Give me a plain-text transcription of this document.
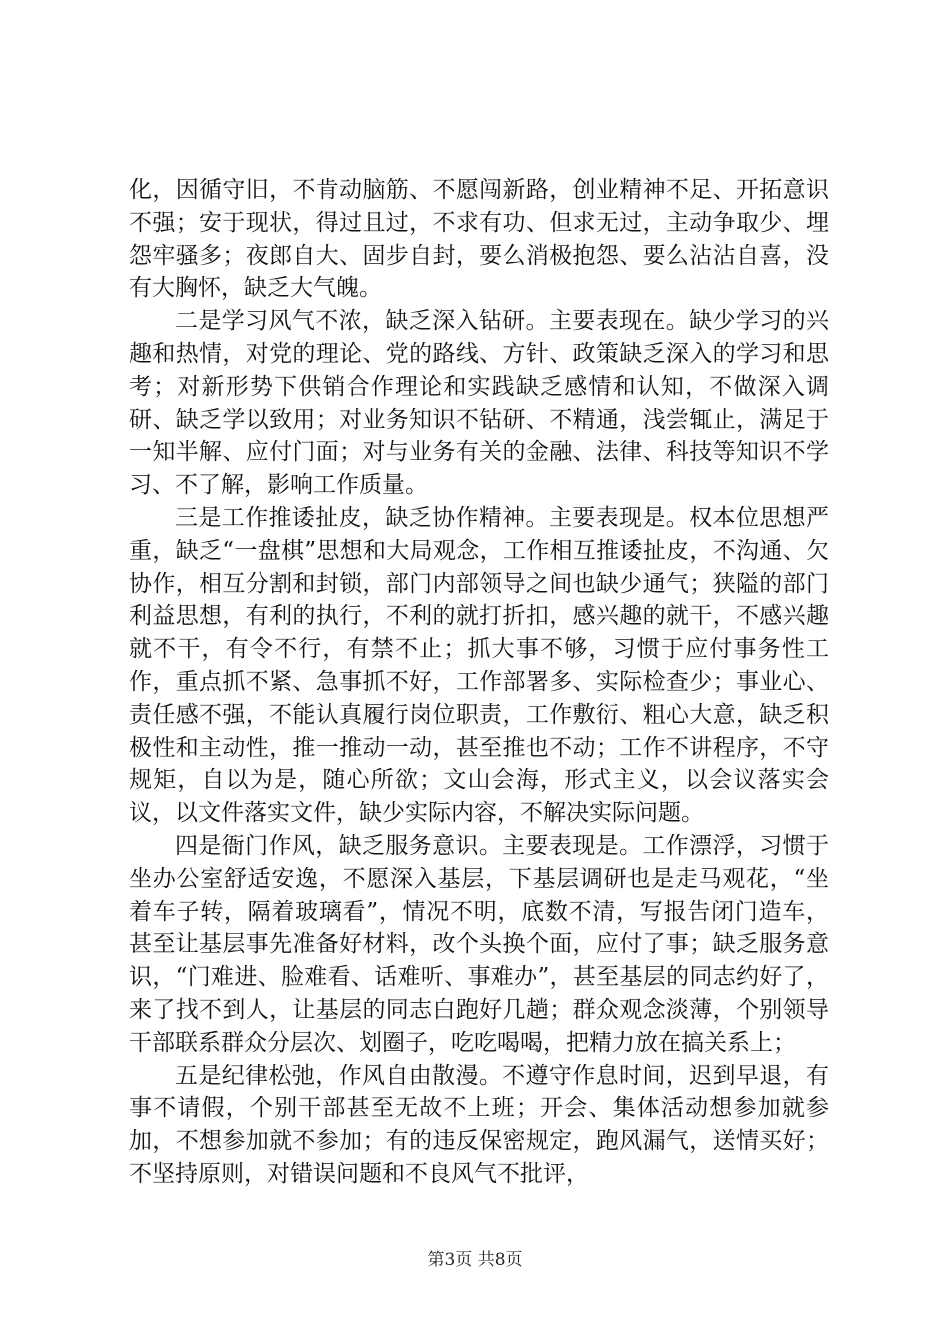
化，因循守旧，不肯动脑筋、不愿闯新路，创业精神不足、开拓意识不强；安于现状，得过且过，不求有功、但求无过，主动争取少、埋怨牢骚多；夜郎自大、固步自封，要么消极抱怨、要么沾沾自喜，没有大胸怀，缺乏大气魄。

二是学习风气不浓，缺乏深入钻研。主要表现在。缺少学习的兴趣和热情，对党的理论、党的路线、方针、政策缺乏深入的学习和思考；对新形势下供销合作理论和实践缺乏感情和认知，不做深入调研、缺乏学以致用；对业务知识不钻研、不精通，浅尝辄止，满足于一知半解、应付门面；对与业务有关的金融、法律、科技等知识不学习、不了解，影响工作质量。

三是工作推诿扯皮，缺乏协作精神。主要表现是。权本位思想严重，缺乏“一盘棋”思想和大局观念，工作相互推诿扯皮，不沟通、欠协作，相互分割和封锁，部门内部领导之间也缺少通气；狭隘的部门利益思想，有利的执行，不利的就打折扣，感兴趣的就干，不感兴趣就不干，有令不行，有禁不止；抓大事不够，习惯于应付事务性工作，重点抓不紧、急事抓不好，工作部署多、实际检查少；事业心、责任感不强，不能认真履行岗位职责，工作敷衍、粗心大意，缺乏积极性和主动性，推一推动一动，甚至推也不动；工作不讲程序，不守规矩，自以为是，随心所欲；文山会海，形式主义，以会议落实会议，以文件落实文件，缺少实际内容，不解决实际问题。

四是衙门作风，缺乏服务意识。主要表现是。工作漂浮，习惯于坐办公室舒适安逸，不愿深入基层，下基层调研也是走马观花，“坐着车子转，隔着玻璃看”，情况不明，底数不清，写报告闭门造车，甚至让基层事先准备好材料，改个头换个面，应付了事；缺乏服务意识，“门难进、脸难看、话难听、事难办”，甚至基层的同志约好了，来了找不到人，让基层的同志白跑好几趟；群众观念淡薄，个别领导干部联系群众分层次、划圈子，吃吃喝喝，把精力放在搞关系上；

五是纪律松弛，作风自由散漫。不遵守作息时间，迟到早退，有事不请假，个别干部甚至无故不上班；开会、集体活动想参加就参加，不想参加就不参加；有的违反保密规定，跑风漏气，送情买好；不坚持原则，对错误问题和不良风气不批评，

第3页 共8页
